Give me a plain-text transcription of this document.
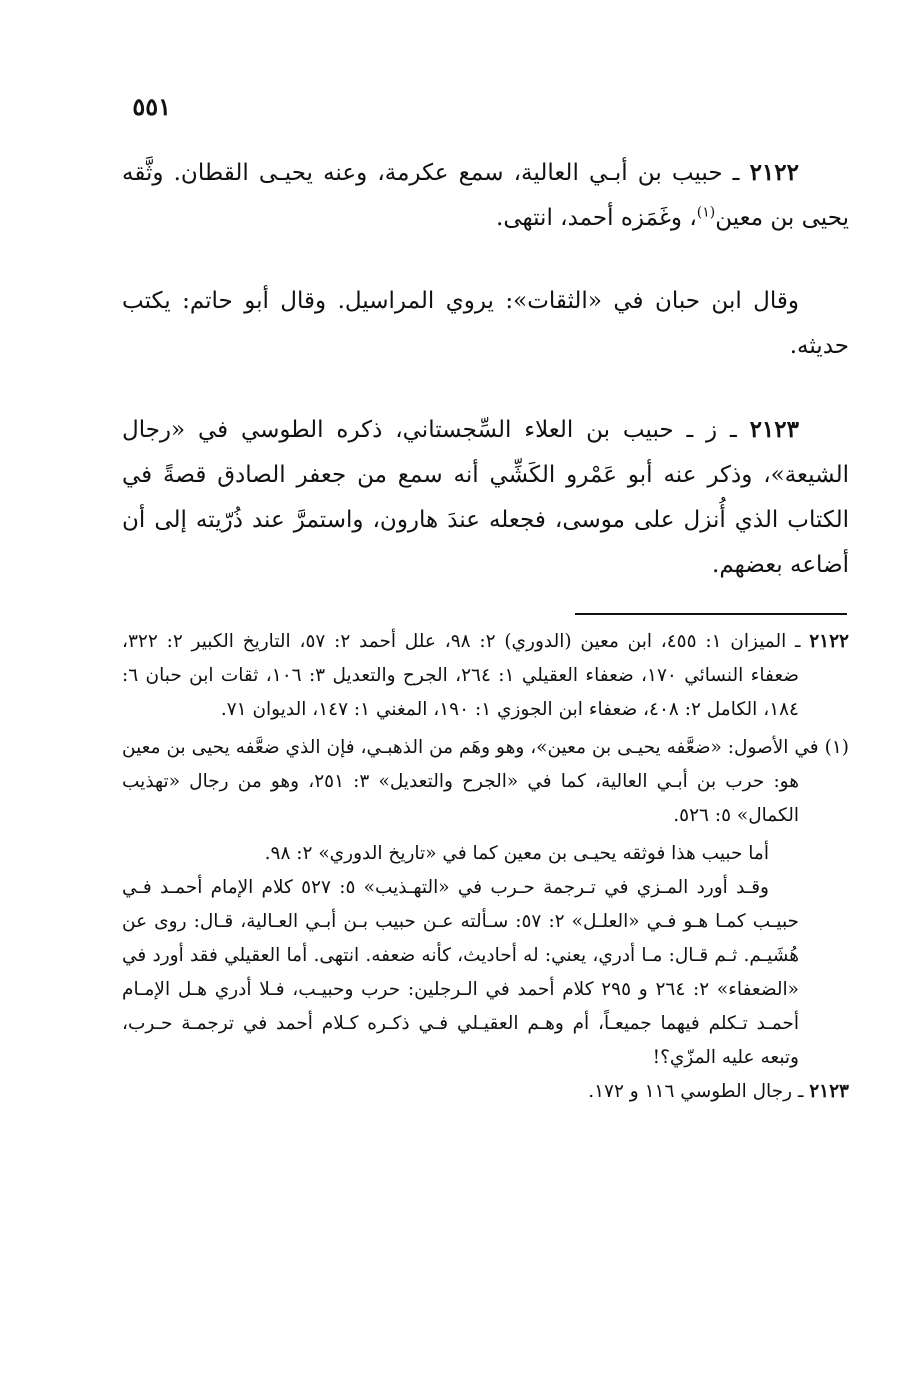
٥٥١

٢١٢٢ ـ حبيب بن أبـي العالية، سمع عكرمة، وعنه يحيـى القطان. وثَّقه يحيى بن معين$^{(١)}$، وغَمَزه أحمد، انتهى.

وقال ابن حبان في «الثقات»: يروي المراسيل. وقال أبو حاتم: يكتب حديثه.

٢١٢٣ ـ ز ـ حبيب بن العلاء السِّجستاني، ذكره الطوسي في «رجال الشيعة»، وذكر عنه أبو عَمْرو الكَشِّي أنه سمع من جعفر الصادق قصةً في الكتاب الذي أُنزل على موسى، فجعله عندَ هارون، واستمرَّ عند ذُرّيته إلى أن أضاعه بعضهم.

٢١٢٢ ـ الميزان ١: ٤٥٥، ابن معين (الدوري) ٢: ٩٨، علل أحمد ٢: ٥٧، التاريخ الكبير ٢: ٣٢٢، ضعفاء النسائي ١٧٠، ضعفاء العقيلي ١: ٢٦٤، الجرح والتعديل ٣: ١٠٦، ثقات ابن حبان ٦: ١٨٤، الكامل ٢: ٤٠٨، ضعفاء ابن الجوزي ١: ١٩٠، المغني ١: ١٤٧، الديوان ٧١.

(١) في الأصول: «ضعَّفه يحيـى بن معين»، وهو وهَم من الذهبـي، فإن الذي ضعَّفه يحيى بن معين هو: حرب بن أبـي العالية، كما في «الجرح والتعديل» ٣: ٢٥١، وهو من رجال «تهذيب الكمال» ٥: ٥٢٦.

أما حبيب هذا فوثقه يحيـى بن معين كما في «تاريخ الدوري» ٢: ٩٨.

وقـد أورد المـزي في تـرجمة حـرب في «التهـذيب» ٥: ٥٢٧ كلام الإمام أحمـد فـي حبيـب كمـا هـو فـي «العلـل» ٢: ٥٧: سـألته عـن حبيب بـن أبـي العـالية، قـال: روى عن هُشَيـم. ثـم قـال: مـا أدري، يعني: له أحاديث، كأنه ضعفه. انتهى. أما العقيلي فقد أورد في «الضعفاء» ٢: ٢٦٤ و ٢٩٥ كلام أحمد في الـرجلين: حرب وحبيـب، فـلا أدري هـل الإمـام أحمـد تـكلم فيهما جميعـاً، أم وهـم العقيـلي فـي ذكـره كـلام أحمد في ترجمـة حـرب، وتبعه عليه المزّي؟!

٢١٢٣ ـ رجال الطوسي ١١٦ و ١٧٢.
